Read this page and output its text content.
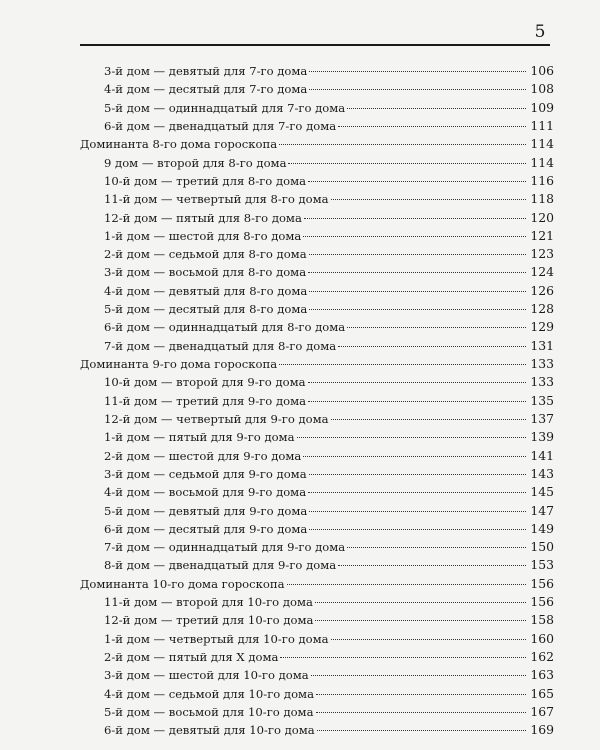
5
3-й дом — девятый для 7-го дома	106
4-й дом — десятый для 7-го дома	108
5-й дом — одиннадцатый для 7-го дома	109
6-й дом — двенадцатый для 7-го дома	111
Доминанта 8-го дома гороскопа	114
9 дом — второй для 8-го дома	114
10-й дом — третий для 8-го дома	116
11-й дом — четвертый для 8-го дома	118
12-й дом — пятый для 8-го дома	120
1-й дом — шестой для 8-го дома	121
2-й дом — седьмой для 8-го дома	123
3-й дом — восьмой для 8-го дома	124
4-й дом — девятый для 8-го дома	126
5-й дом — десятый для 8-го дома	128
6-й дом — одиннадцатый для 8-го дома	129
7-й дом — двенадцатый для 8-го дома	131
Доминанта 9-го дома гороскопа	133
10-й дом — второй для 9-го дома	133
11-й дом — третий для 9-го дома	135
12-й дом — четвертый для 9-го дома	137
1-й дом — пятый для 9-го дома	139
2-й дом — шестой для 9-го дома	141
3-й дом — седьмой для 9-го дома	143
4-й дом — восьмой для 9-го дома	145
5-й дом — девятый для 9-го дома	147
6-й дом — десятый для 9-го дома	149
7-й дом — одиннадцатый для 9-го дома	150
8-й дом — двенадцатый для 9-го дома	153
Доминанта 10-го дома гороскопа	156
11-й дом — второй для 10-го дома	156
12-й дом — третий для 10-го дома	158
1-й дом — четвертый для 10-го дома	160
2-й дом — пятый для X дома	162
3-й дом — шестой для 10-го дома	163
4-й дом — седьмой для 10-го дома	165
5-й дом — восьмой для 10-го дома	167
6-й дом — девятый для 10-го дома	169
